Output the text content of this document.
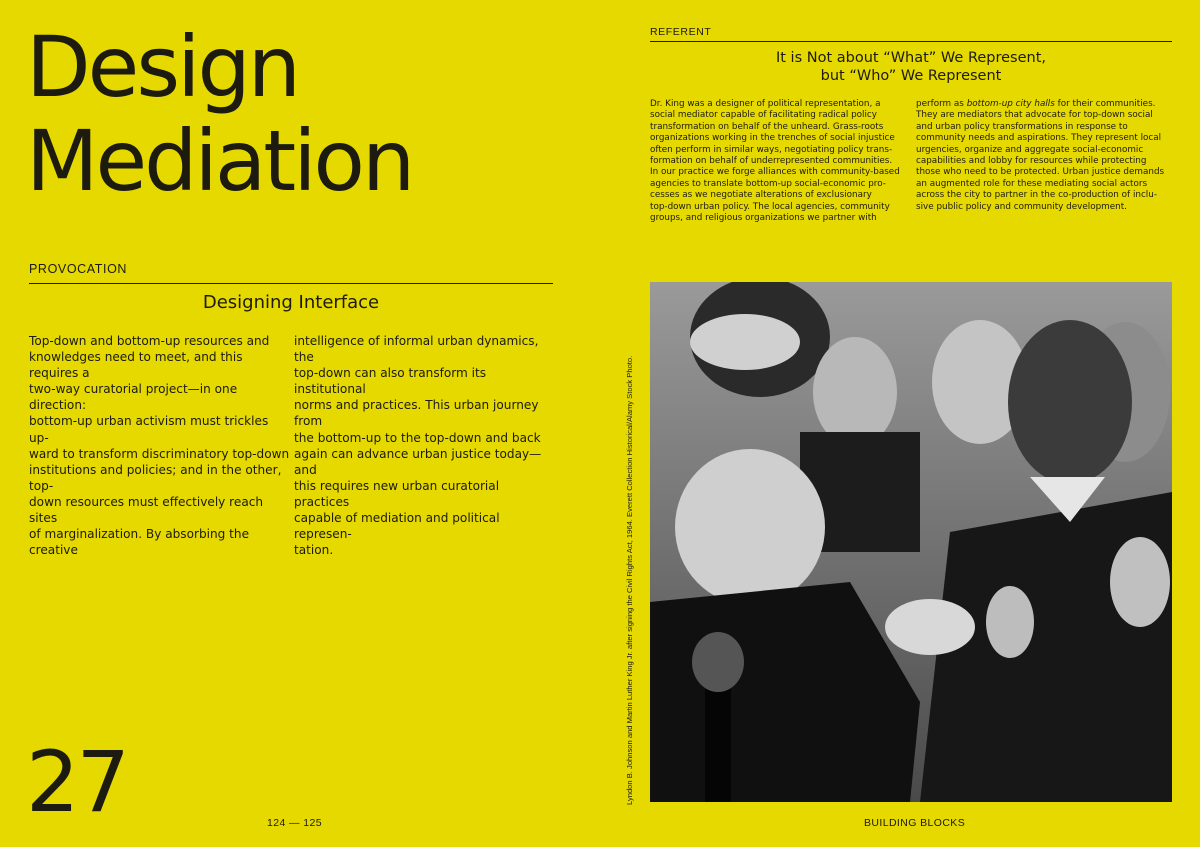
Design
Mediation
PROVOCATION
Designing Interface
Top-down and bottom-up resources and
knowledges need to meet, and this requires a
two-way curatorial project—in one direction:
bottom-up urban activism must trickles up-
ward to transform discriminatory top-down
institutions and policies; and in the other, top-
down resources must effectively reach sites
of marginalization. By absorbing the creative
intelligence of informal urban dynamics, the
top-down can also transform its institutional
norms and practices. This urban journey from
the bottom-up to the top-down and back
again can advance urban justice today—and
this requires new urban curatorial practices
capable of mediation and political represen-
tation.
27	124 — 125
REFERENT
It is Not about “What” We Represent,
but “Who” We Represent
Dr. King was a designer of political representation, a
social mediator capable of facilitating radical policy
transformation on behalf of the unheard. Grass-roots
organizations working in the trenches of social injustice
often perform in similar ways, negotiating policy trans-
formation on behalf of underrepresented communities.
In our practice we forge alliances with community-based
agencies to translate bottom-up social-economic pro-
cesses as we negotiate alterations of exclusionary
top-down urban policy. The local agencies, community
groups, and religious organizations we partner with
perform as bottom-up city halls for their communities.
They are mediators that advocate for top-down social
and urban policy transformations in response to
community needs and aspirations. They represent local
urgencies, organize and aggregate social-economic
capabilities and lobby for resources while protecting
those who need to be protected. Urban justice demands
an augmented role for these mediating social actors
across the city to partner in the co-production of inclu-
sive public policy and community development.
Lyndon B. Johnson and Martin Luther King Jr. after signing the Civil Rights Act, 1964. Everett Collection Historical/Alamy Stock Photo.
BUILDING BLOCKS
